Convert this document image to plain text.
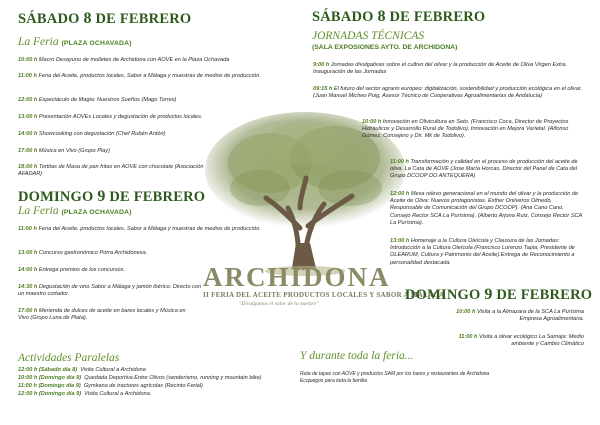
SÁBADO 8 DE FEBRERO
La Feria (PLAZA OCHAVADA)
10:00 h Macro Desayuno de molletes de Archidona con AOVE en la Plaza Ochavada
11:00 h Feria del Aceite, productos locales, Sabor a Málaga y muestras de medios de producción.
12:00 h Espectáculo de Magia: Nuestros Sueños (Mago Torres)
13:00 h Presentación AOVEs Locales y degustación de productos locales.
14:00 h Showcooking con degustación (Chef Rubén Antón)
17:00 h Música en Vivo (Grupo Play)
18:00 h Tortitas de Masa de pan fritas en AOVE con chocolate (Asociación AFADAR)
DOMINGO 9 DE FEBRERO
La Feria (PLAZA OCHAVADA)
11:00 h Feria del Aceite, productos locales, Sabor a Málaga y muestras de medios de producción.
13:00 h Concurso gastronómico Porra Archidonesa.
14:00 h Entrega premios de los concursos.
14:30 h Degustación de vino Sabor a Málaga y jamón ibérico. Directo con un maestro cortador.
17:00 h Merienda de dulces de aceite en bares locales y Música en Vivo (Grupo Luna de Plata).
Actividades Paralelas
12:00 h (Sábado día 8) Visita Cultural a Archidona
10:00 h (Domingo día 9) Quedada Deportiva Entre Olivos (senderismo, running y mountain bike)
11:00 h (Domingo día 9) Gymkana de tractores agrícolas (Recinto Ferial)
12:00 h (Domingo día 9) Visita Cultural a Archidona.
ARCHIDONA
II FERIA DEL ACEITE PRODUCTOS LOCALES Y SABOR A MÁLAGA
"Divulgamos el valor de lo nuestro"
SÁBADO 8 DE FEBRERO
JORNADAS TÉCNICAS
(SALA EXPOSIONES AYTO. DE ARCHIDONA)
9:00 h Jornadas divulgativas sobre el cultivo del olivar y la producción de Aceite de Oliva Virgen Extra. Inauguración de las Jornadas
09:15 h El futuro del sector agrario europeo: digitalización, sostenibilidad y producción ecológica en el olivar. (Juan Manuel Micheo Puig, Asesor Técnico de Cooperativas Agroalimentarias de Andalucía)
10:00 h Innovación en Olivicultura en Seto. (Francisco Coca, Director de Proyectos Hidráulicos y Desarrollo Rural de Todolivo). Innovación en Mejora Varietal. (Alfonso Gómez, Consejero y Dir. Mk de Todolivo).
11:00 h Transformación y calidad en el proceso de producción del aceite de oliva. La Cata de AOVE (Jose María Horcas, Director del Panel de Cata del Grupo DCOOP DO ANTEQUERA)
12:00 h Mesa relevo generacional en el mundo del olivar y la producción de Aceite de Oliva: Nuevos protagonistas. Esther Oniiveros Olmedo, Responsable de Comunicación del Grupo DCOOP). (Ana Cano Cano, Consejo Rector SCA La Purísima). (Alberto Arjona Ruiz, Consejo Rector SCA La Purísima).
13:00 h Homenaje a la Cultura Oleícola y Clausura de las Jornadas: Introducción a la Cultura Oleícola (Francisco Lorenzo Tapia, Presidente de OLEARUM, Cultura y Patrimonio del Aceite).Entrega de Reconocimiento a personalidad destacada.
DOMINGO 9 DE FEBRERO
10:00 h Visita a la Almazara de la SCA La Purísima Empresa Agroalimentaria.
11:00 h Visita a olivar ecológico La Samaja: Medio ambiente y Cambio Climático
Y durante toda la feria...
Ruta de tapas con AOVE y productos SAM por los bares y restaurantes de Archidona
Ecojuegos para toda la familia
